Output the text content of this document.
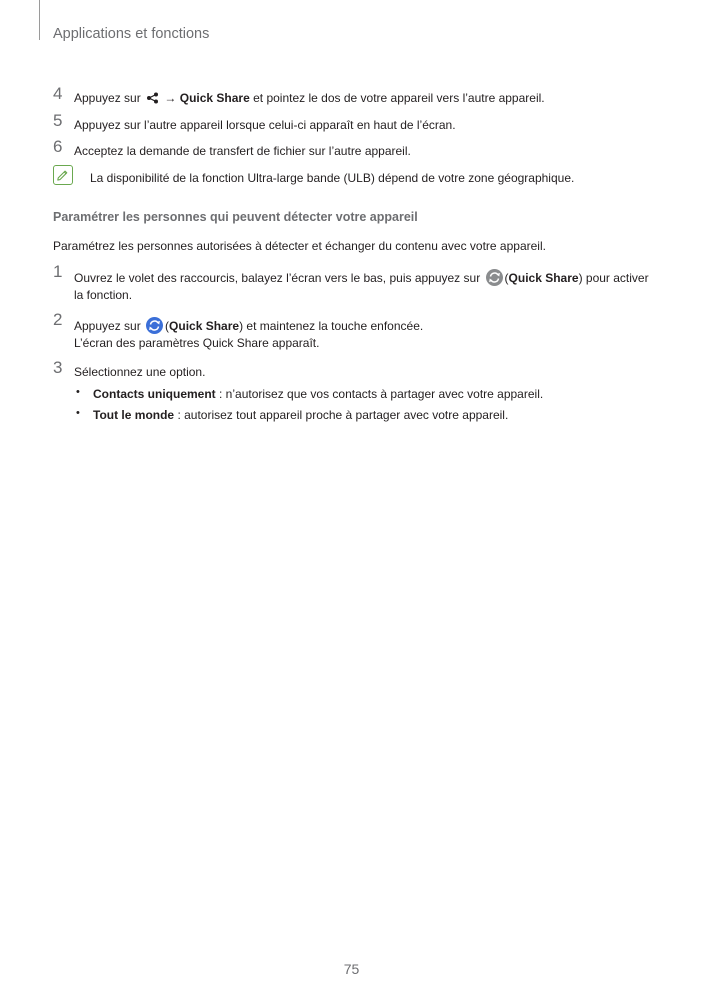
Applications et fonctions
4 Appuyez sur → Quick Share et pointez le dos de votre appareil vers l’autre appareil.
5 Appuyez sur l’autre appareil lorsque celui-ci apparaît en haut de l’écran.
6 Acceptez la demande de transfert de fichier sur l’autre appareil.
La disponibilité de la fonction Ultra-large bande (ULB) dépend de votre zone géographique.
Paramétrer les personnes qui peuvent détecter votre appareil
Paramétrez les personnes autorisées à détecter et échanger du contenu avec votre appareil.
1 Ouvrez le volet des raccourcis, balayez l’écran vers le bas, puis appuyez sur (Quick Share) pour activer
la fonction.
2 Appuyez sur (Quick Share) et maintenez la touche enfoncée.
L’écran des paramètres Quick Share apparaît.
3 Sélectionnez une option.
• Contacts uniquement : n’autorisez que vos contacts à partager avec votre appareil.
• Tout le monde : autorisez tout appareil proche à partager avec votre appareil.
75
